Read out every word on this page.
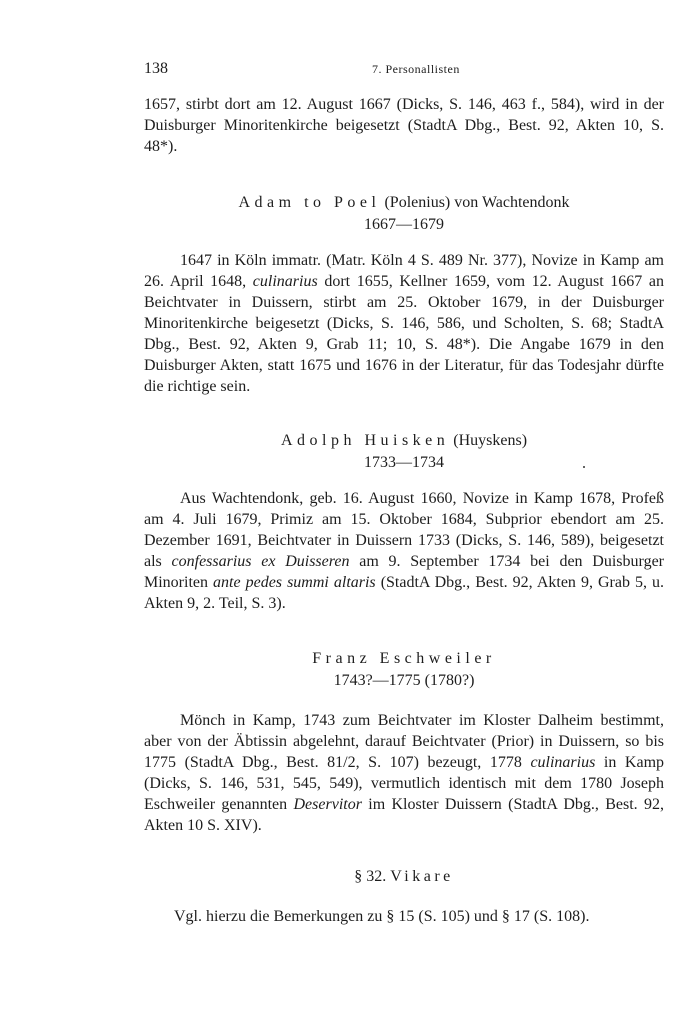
138	7. Personallisten

1657, stirbt dort am 12. August 1667 (Dicks, S. 146, 463 f., 584), wird in der Duisburger Minoritenkirche beigesetzt (StadtA Dbg., Best. 92, Akten 10, S. 48*).

Adam to Poel (Polenius) von Wachtendonk
1667—1679

1647 in Köln immatr. (Matr. Köln 4 S. 489 Nr. 377), Novize in Kamp am 26. April 1648, culinarius dort 1655, Kellner 1659, vom 12. August 1667 an Beichtvater in Duissern, stirbt am 25. Oktober 1679, in der Duisburger Minoritenkirche beigesetzt (Dicks, S. 146, 586, und Scholten, S. 68; StadtA Dbg., Best. 92, Akten 9, Grab 11; 10, S. 48*). Die Angabe 1679 in den Duisburger Akten, statt 1675 und 1676 in der Literatur, für das Todesjahr dürfte die richtige sein.

Adolph Huisken (Huyskens)
1733—1734

Aus Wachtendonk, geb. 16. August 1660, Novize in Kamp 1678, Profeß am 4. Juli 1679, Primiz am 15. Oktober 1684, Subprior ebendort am 25. Dezember 1691, Beichtvater in Duissern 1733 (Dicks, S. 146, 589), beigesetzt als confessarius ex Duisseren am 9. September 1734 bei den Duisburger Minoriten ante pedes summi altaris (StadtA Dbg., Best. 92, Akten 9, Grab 5, u. Akten 9, 2. Teil, S. 3).

Franz Eschweiler
1743?—1775 (1780?)

Mönch in Kamp, 1743 zum Beichtvater im Kloster Dalheim bestimmt, aber von der Äbtissin abgelehnt, darauf Beichtvater (Prior) in Duissern, so bis 1775 (StadtA Dbg., Best. 81/2, S. 107) bezeugt, 1778 culinarius in Kamp (Dicks, S. 146, 531, 545, 549), vermutlich identisch mit dem 1780 Joseph Eschweiler genannten Deservitor im Kloster Duissern (StadtA Dbg., Best. 92, Akten 10 S. XIV).

§ 32. Vikare

Vgl. hierzu die Bemerkungen zu § 15 (S. 105) und § 17 (S. 108).
